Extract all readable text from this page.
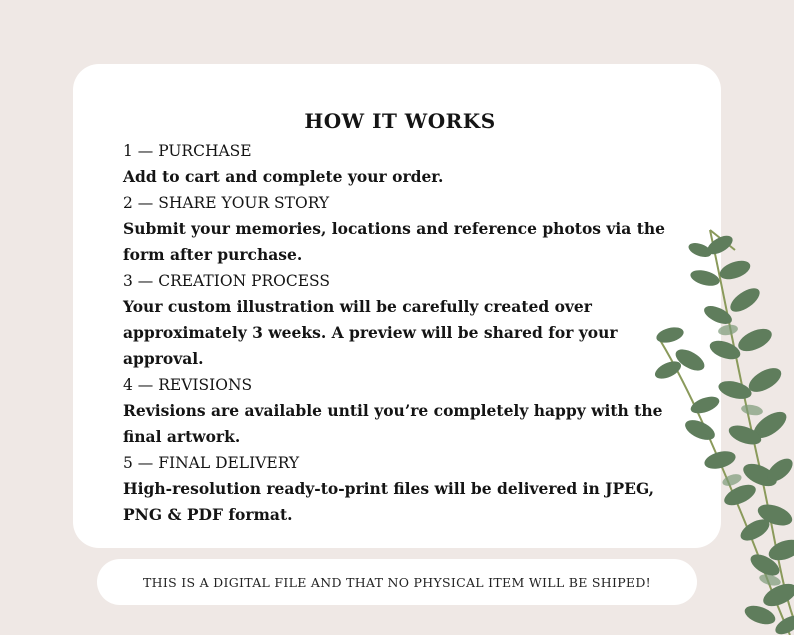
HOW IT WORKS
1 — PURCHASE
Add to cart and complete your order.
2 — SHARE YOUR STORY
Submit your memories, locations and reference photos via the form after purchase.
3 — CREATION PROCESS
Your custom illustration will be carefully created over approximately 3 weeks. A preview will be shared for your approval.
4 — REVISIONS
Revisions are available until you’re completely happy with the final artwork.
5 — FINAL DELIVERY
High-resolution ready-to-print files will be delivered in JPEG, PNG & PDF format.
THIS IS A DIGITAL FILE AND THAT NO PHYSICAL ITEM WILL BE SHIPED!
